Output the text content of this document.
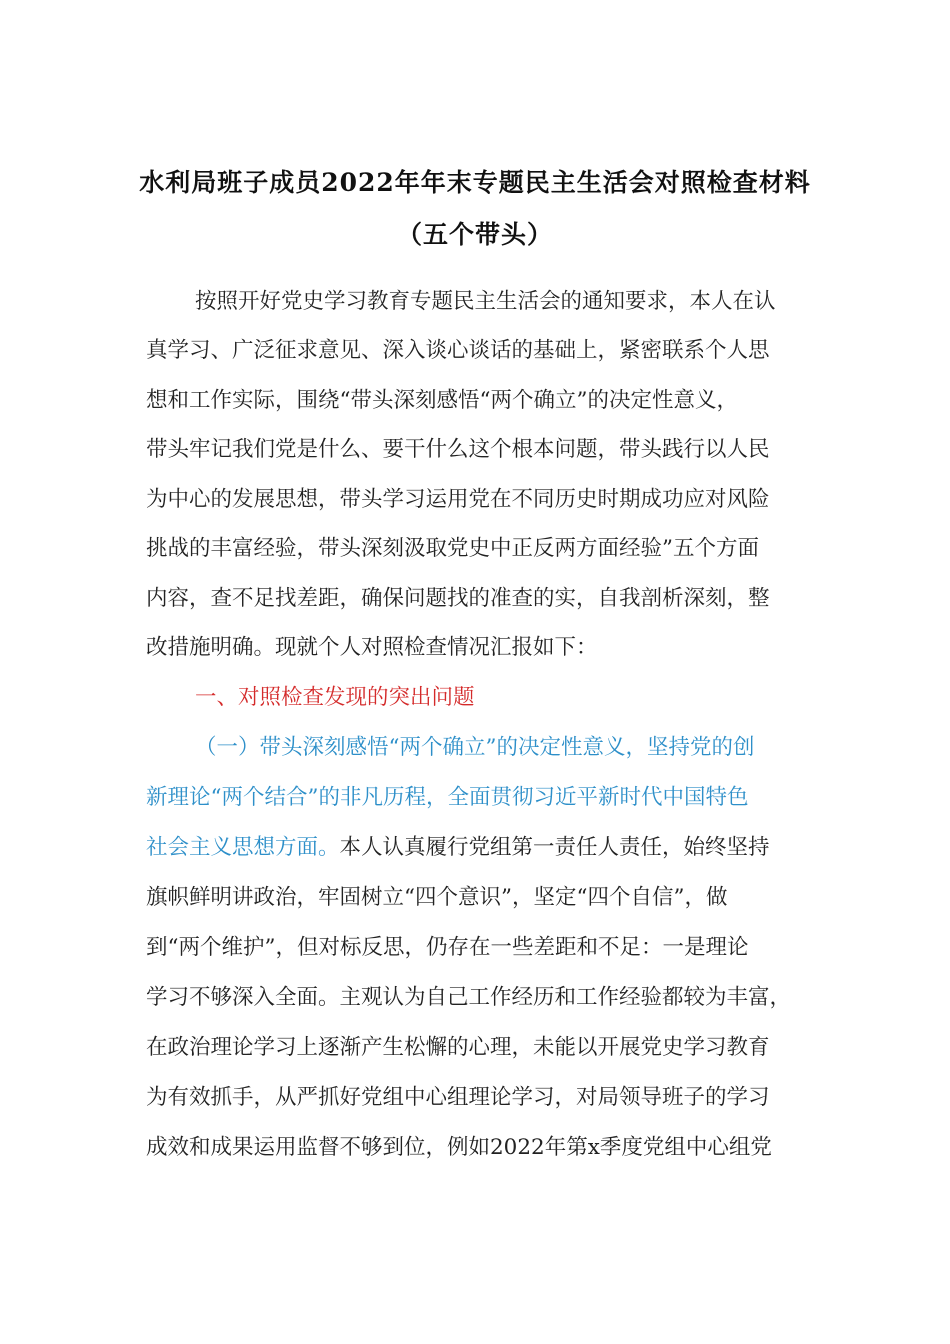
水利局班子成员2022年年末专题民主生活会对照检查材料
（五个带头）
按照开好党史学习教育专题民主生活会的通知要求，本人在认
真学习、广泛征求意见、深入谈心谈话的基础上，紧密联系个人思
想和工作实际，围绕“带头深刻感悟“两个确立”的决定性意义，
带头牢记我们党是什么、要干什么这个根本问题，带头践行以人民
为中心的发展思想，带头学习运用党在不同历史时期成功应对风险
挑战的丰富经验，带头深刻汲取党史中正反两方面经验”五个方面
内容，查不足找差距，确保问题找的准查的实，自我剖析深刻，整
改措施明确。现就个人对照检查情况汇报如下：
一、对照检查发现的突出问题
（一）带头深刻感悟“两个确立”的决定性意义，坚持党的创
新理论“两个结合”的非凡历程，全面贯彻习近平新时代中国特色
社会主义思想方面。本人认真履行党组第一责任人责任，始终坚持
旗帜鲜明讲政治，牢固树立“四个意识”，坚定“四个自信”，做
到“两个维护”，但对标反思，仍存在一些差距和不足：一是理论
学习不够深入全面。主观认为自己工作经历和工作经验都较为丰富，
在政治理论学习上逐渐产生松懈的心理，未能以开展党史学习教育
为有效抓手，从严抓好党组中心组理论学习，对局领导班子的学习
成效和成果运用监督不够到位，例如2022年第x季度党组中心组党
